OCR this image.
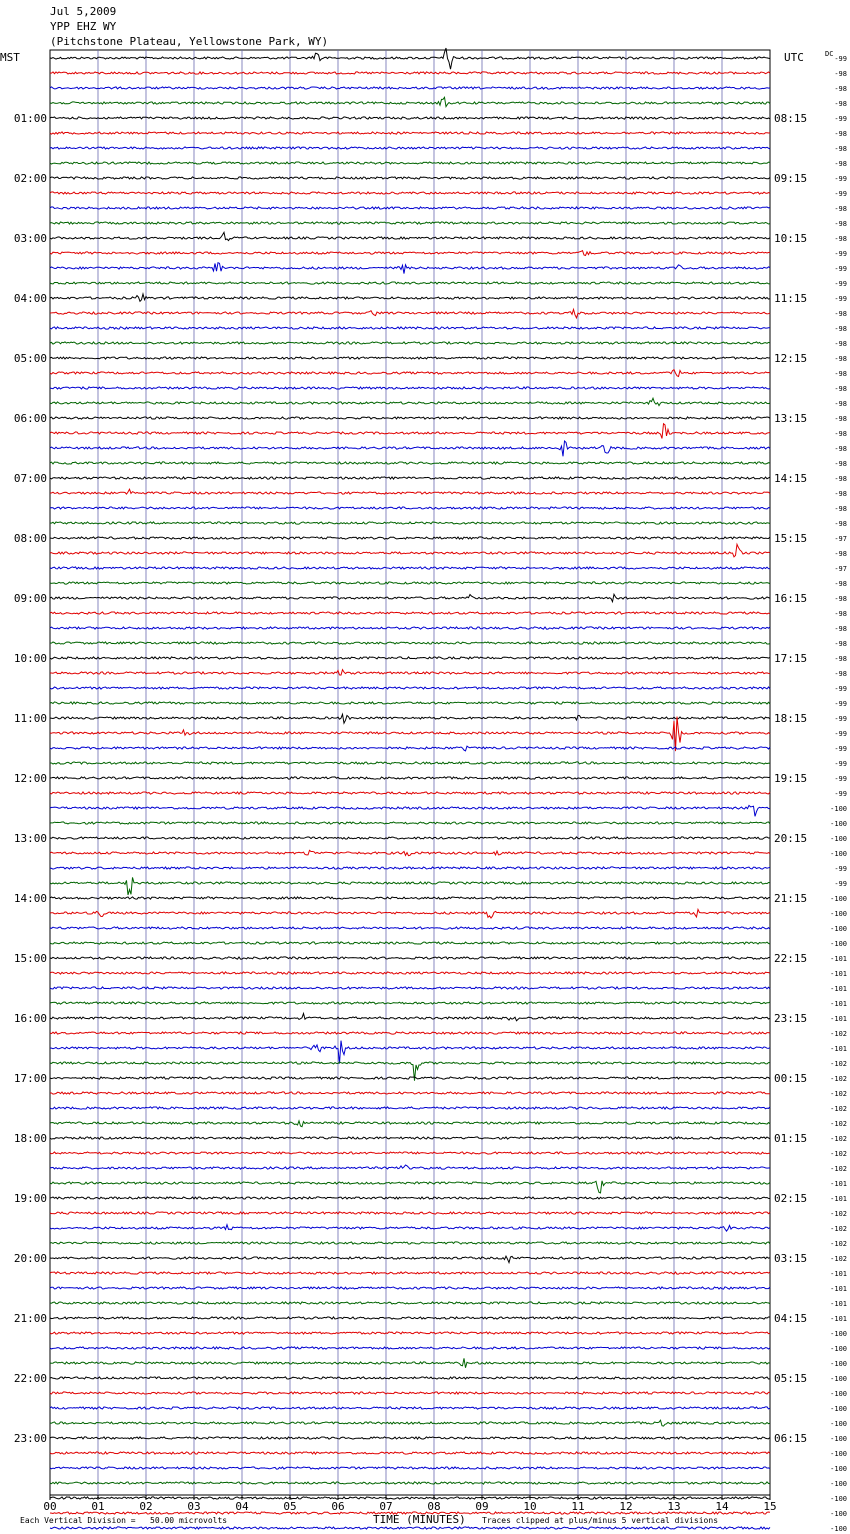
Jul 5,2009
YPP EHZ WY
(Pitchstone Plateau, Yellowstone Park, WY)
MST	UTC	DC
-99
-98
-98
-98
-99
-98
-98
-98
-99
-99
-98
-98
-98
-99
-99
-99
-99
-98
-98
-98
-98
-98
-98
-98
-98
-98
-98
-98
-98
-98
-98
-98
-97
-98
-97
-98
-98
-98
-98
-98
-98
-98
-99
-99
-99
-99
-99
-99
-99
-99
-100
-100
-100
-100
-99
-99
-100
-100
-100
-100
-101
-101
-101
-101
-101
-102
-101
-102
-102
-102
-102
-102
-102
-102
-102
-101
-101
-102
-102
-102
-102
-101
-101
-101
-101
-100
-100
-100
-100
-100
-100
-100
-100
-100
-100
-100
-100
-100
-100
01:00
02:00
03:00
04:00
05:00
06:00
07:00
08:00
09:00
10:00
11:00
12:00
13:00
14:00
15:00
16:00
17:00
18:00
19:00
20:00
21:00
22:00
23:00
08:15
09:15
10:15
11:15
12:15
13:15
14:15
15:15
16:15
17:15
18:15
19:15
20:15
21:15
22:15
23:15
00:15
01:15
02:15
03:15
04:15
05:15
06:15
00	01	02	03	04	05	06	07	08	09	10	11	12	13	14	15
Each Vertical Division =   50.00 microvolts	TIME (MINUTES) Traces clipped at plus/minus 5 vertical divisions
